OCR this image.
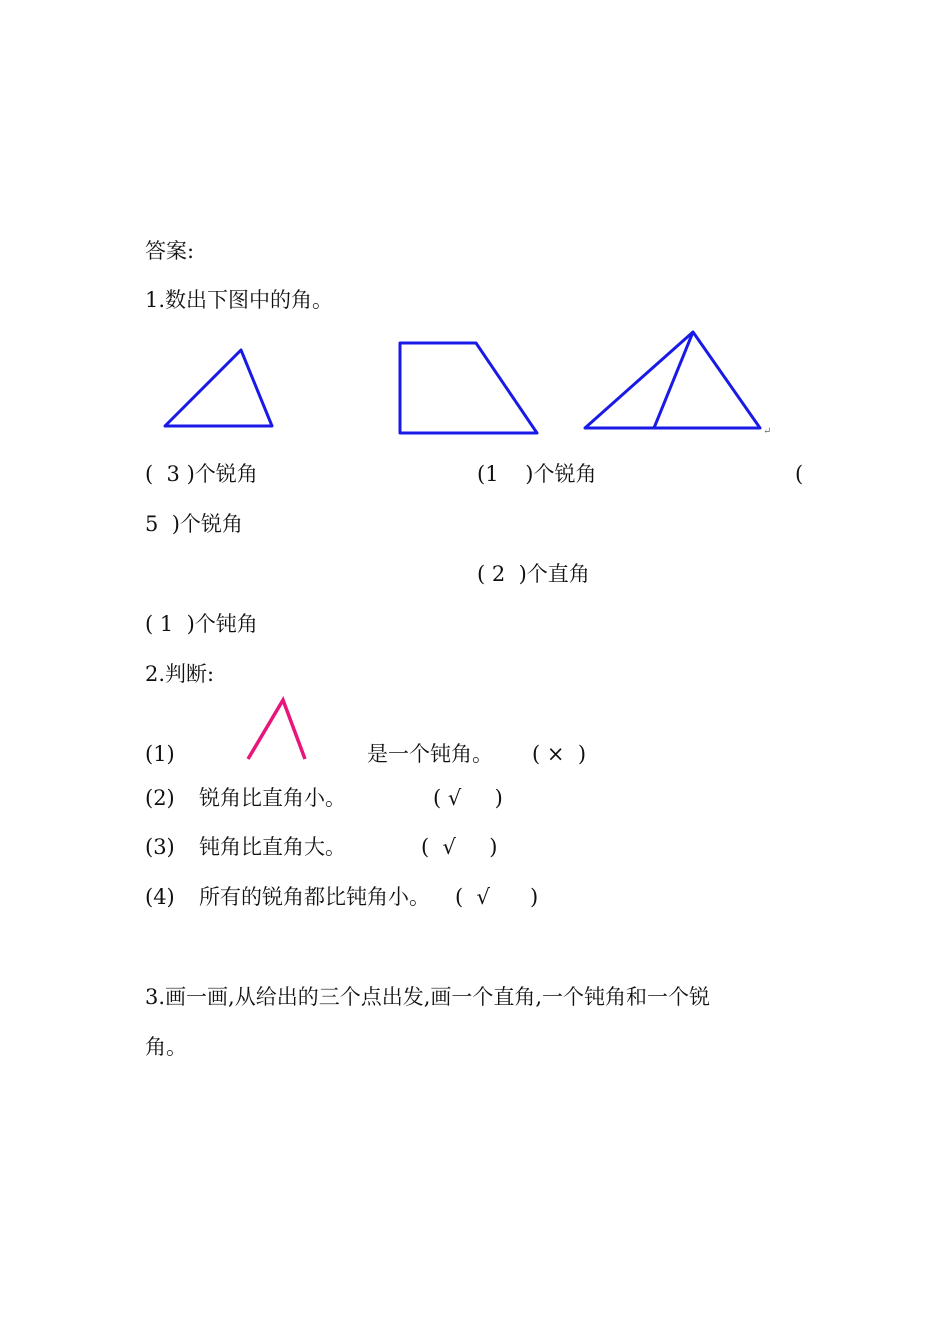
答案:
1.数出下图中的角。
↵
(  3 )个锐角	(1    )个锐角	(
5  )个锐角
( 2  )个直角
( 1  )个钝角
2.判断:
(1)	是一个钝角。 ( ×  )
(2) 锐角比直角小。	( √     )
(3) 钝角比直角大。	(  √     )
(4) 所有的锐角都比钝角小。 (  √      )
3.画一画,从给出的三个点出发,画一个直角,一个钝角和一个锐
角。
